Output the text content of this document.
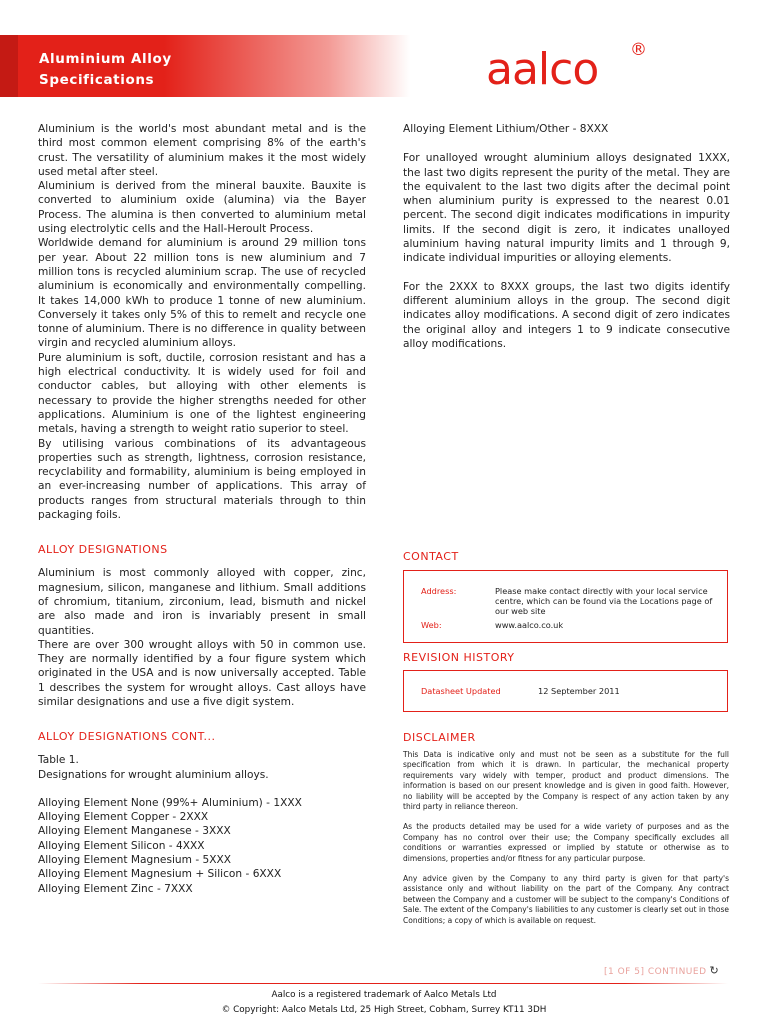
Aluminium Alloy
Specifications	aalco ®

Aluminium is the world's most abundant metal and is the third most common element comprising 8% of the earth's crust. The versatility of aluminium makes it the most widely used metal after steel.

Aluminium is derived from the mineral bauxite. Bauxite is converted to aluminium oxide (alumina) via the Bayer Process. The alumina is then converted to aluminium metal using electrolytic cells and the Hall-Heroult Process.

Worldwide demand for aluminium is around 29 million tons per year. About 22 million tons is new aluminium and 7 million tons is recycled aluminium scrap. The use of recycled aluminium is economically and environmentally compelling. It takes 14,000 kWh to produce 1 tonne of new aluminium. Conversely it takes only 5% of this to remelt and recycle one tonne of aluminium. There is no difference in quality between virgin and recycled aluminium alloys.

Pure aluminium is soft, ductile, corrosion resistant and has a high electrical conductivity. It is widely used for foil and conductor cables, but alloying with other elements is necessary to provide the higher strengths needed for other applications. Aluminium is one of the lightest engineering metals, having a strength to weight ratio superior to steel.

By utilising various combinations of its advantageous properties such as strength, lightness, corrosion resistance, recyclability and formability, aluminium is being employed in an ever-increasing number of applications. This array of products ranges from structural materials through to thin packaging foils.

ALLOY DESIGNATIONS

Aluminium is most commonly alloyed with copper, zinc, magnesium, silicon, manganese and lithium. Small additions of chromium, titanium, zirconium, lead, bismuth and nickel are also made and iron is invariably present in small quantities.

There are over 300 wrought alloys with 50 in common use. They are normally identified by a four figure system which originated in the USA and is now universally accepted. Table 1 describes the system for wrought alloys. Cast alloys have similar designations and use a five digit system.

ALLOY DESIGNATIONS CONT...

Table 1.

Designations for wrought aluminium alloys.

Alloying Element None (99%+ Aluminium) - 1XXX

Alloying Element Copper - 2XXX

Alloying Element Manganese - 3XXX

Alloying Element Silicon - 4XXX

Alloying Element Magnesium - 5XXX

Alloying Element Magnesium + Silicon - 6XXX

Alloying Element Zinc - 7XXX

Alloying Element Lithium/Other - 8XXX

For unalloyed wrought aluminium alloys designated 1XXX, the last two digits represent the purity of the metal. They are the equivalent to the last two digits after the decimal point when aluminium purity is expressed to the nearest 0.01 percent. The second digit indicates modifications in impurity limits. If the second digit is zero, it indicates unalloyed aluminium having natural impurity limits and 1 through 9, indicate individual impurities or alloying elements.

For the 2XXX to 8XXX groups, the last two digits identify different aluminium alloys in the group. The second digit indicates alloy modifications. A second digit of zero indicates the original alloy and integers 1 to 9 indicate consecutive alloy modifications.

CONTACT
Address:	Please make contact directly with your local service centre, which can be found via the Locations page of our web site
Web:	www.aalco.co.uk
REVISION HISTORY
Datasheet Updated	12 September 2011
DISCLAIMER

This Data is indicative only and must not be seen as a substitute for the full specification from which it is drawn. In particular, the mechanical property requirements vary widely with temper, product and product dimensions. The information is based on our present knowledge and is given in good faith. However, no liability will be accepted by the Company is respect of any action taken by any third party in reliance thereon.

As the products detailed may be used for a wide variety of purposes and as the Company has no control over their use; the Company specifically excludes all conditions or warranties expressed or implied by statute or otherwise as to dimensions, properties and/or fitness for any particular purpose.

Any advice given by the Company to any third party is given for that party's assistance only and without liability on the part of the Company. Any contract between the Company and a customer will be subject to the company's Conditions of Sale. The extent of the Company's liabilities to any customer is clearly set out in those Conditions; a copy of which is available on request.

[1 OF 5] CONTINUED ↻
Aalco is a registered trademark of Aalco Metals Ltd
© Copyright: Aalco Metals Ltd, 25 High Street, Cobham, Surrey KT11 3DH
